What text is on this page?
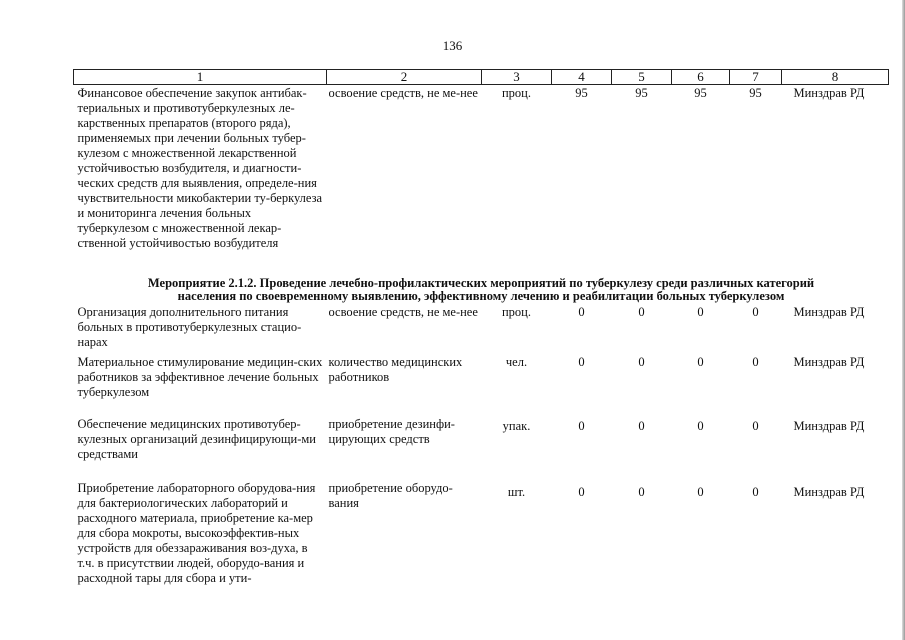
136
1	2	3	4	5	6	7	8
Финансовое обеспечение закупок антибак-териальных и противотуберкулезных ле-карственных препаратов (второго ряда), применяемых при лечении больных тубер-кулезом с множественной лекарственной устойчивостью возбудителя, и диагности-ческих средств для выявления, определе-ния чувствительности микобактерии ту-беркулеза и мониторинга лечения больных туберкулезом с множественной лекар-ственной устойчивостью возбудителя	освоение средств, не ме-нее	проц.	95	95	95	95	Минздрав РД

Мероприятие 2.1.2. Проведение лечебно-профилактических мероприятий по туберкулезу среди различных категорий
населения по своевременному выявлению, эффективному лечению и реабилитации больных туберкулезом							

Организация дополнительного питания больных в противотуберкулезных стацио-нарах	освоение средств, не ме-нее	проц.	0	0	0	0	Минздрав РД
Материальное стимулирование медицин-ских работников за эффективное лечение больных туберкулезом	количество медицинских работников	чел.	0	0	0	0	Минздрав РД
Обеспечение медицинских противотубер-кулезных организаций дезинфицирующи-ми средствами	приобретение дезинфи-цирующих средств	упак.	0	0	0	0	Минздрав РД
Приобретение лабораторного оборудова-ния для бактериологических лабораторий и расходного материала, приобретение ка-мер для сбора мокроты, высокоэффектив-ных устройств для обеззараживания воз-духа, в т.ч. в присутствии людей, оборудо-вания и расходной тары для сбора и ути-	приобретение оборудо-вания	шт.	0	0	0	0	Минздрав РД
